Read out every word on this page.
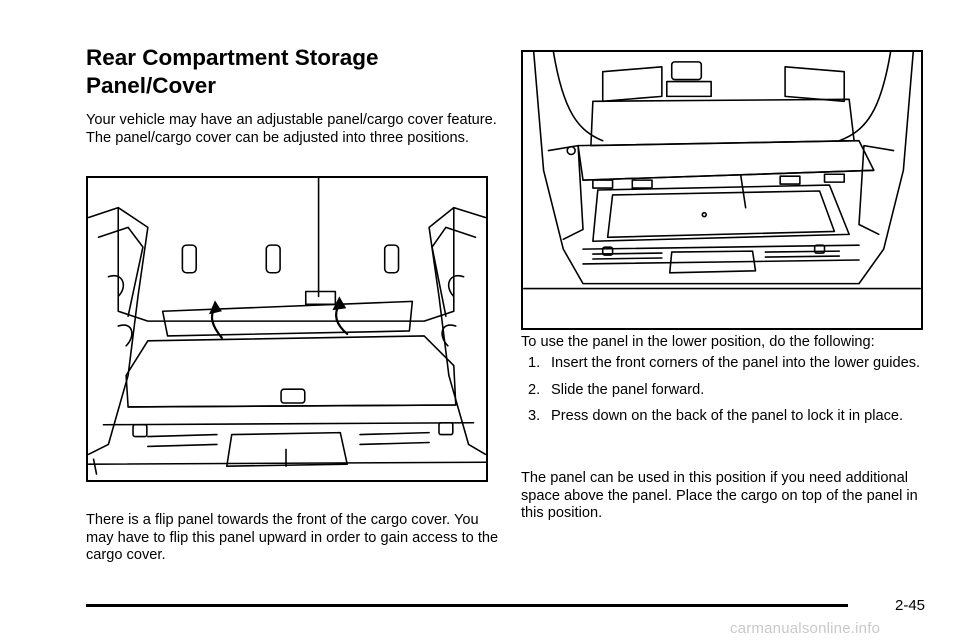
Rear Compartment Storage
Panel/Cover

Your vehicle may have an adjustable panel/cargo cover feature. The panel/cargo cover can be adjusted into three positions.

There is a flip panel towards the front of the cargo cover. You may have to flip this panel upward in order to gain access to the cargo cover.

To use the panel in the lower position, do the following:

1. Insert the front corners of the panel into the lower guides.
2. Slide the panel forward.
3. Press down on the back of the panel to lock it in place.

The panel can be used in this position if you need additional space above the panel. Place the cargo on top of the panel in this position.

2-45
carmanualsonline.info
